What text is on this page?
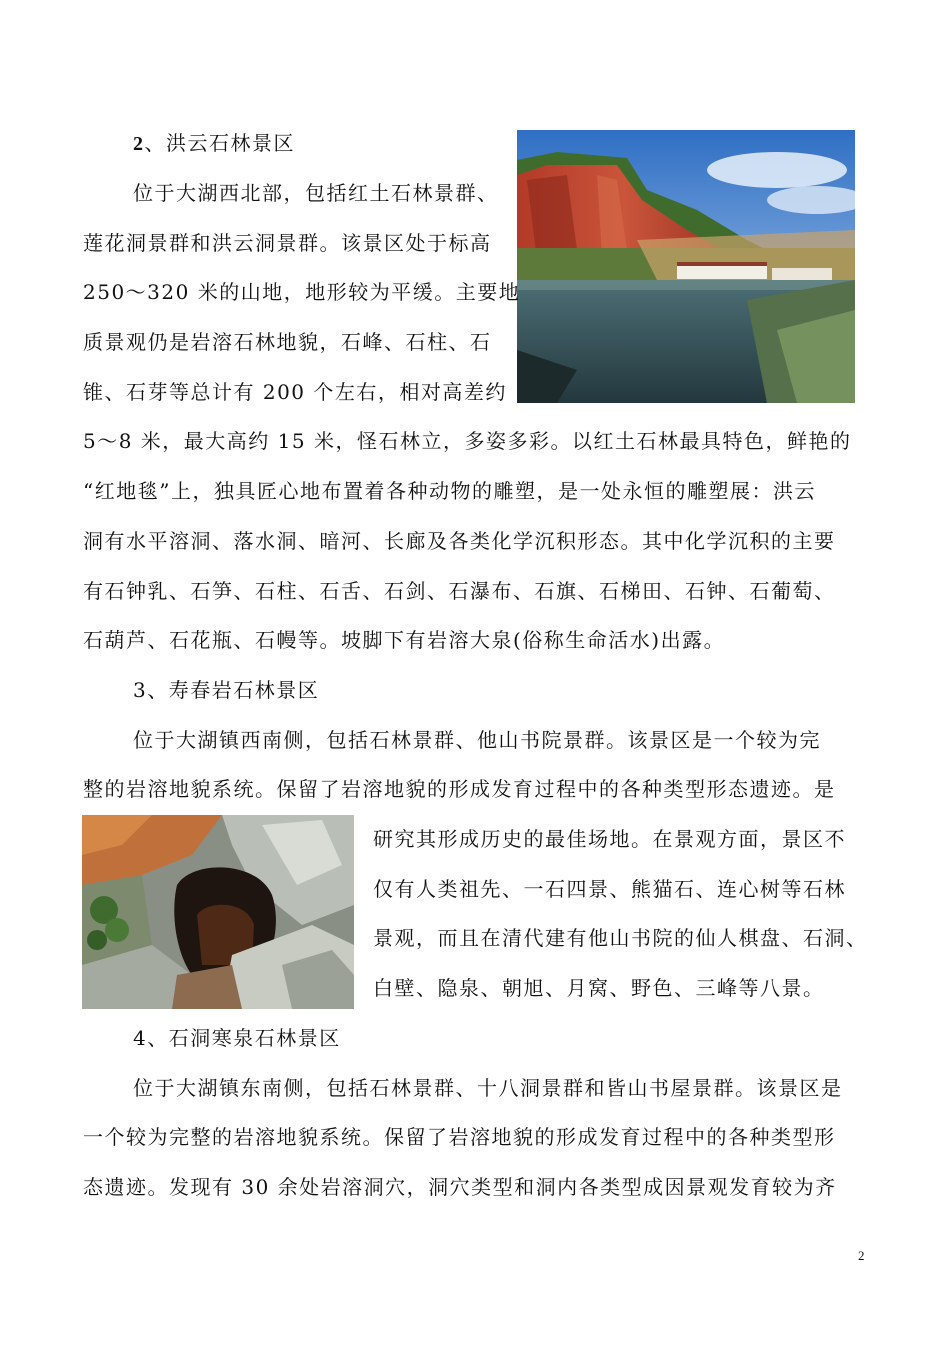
2、洪云石林景区
位于大湖西北部，包括红土石林景群、
莲花洞景群和洪云洞景群。该景区处于标高
250～320 米的山地，地形较为平缓。主要地
质景观仍是岩溶石林地貌，石峰、石柱、石
锥、石芽等总计有 200 个左右，相对高差约
5～8 米，最大高约 15 米，怪石林立，多姿多彩。以红土石林最具特色，鲜艳的
“红地毯”上，独具匠心地布置着各种动物的雕塑，是一处永恒的雕塑展：洪云
洞有水平溶洞、落水洞、暗河、长廊及各类化学沉积形态。其中化学沉积的主要
有石钟乳、石笋、石柱、石舌、石剑、石瀑布、石旗、石梯田、石钟、石葡萄、
石葫芦、石花瓶、石幔等。坡脚下有岩溶大泉(俗称生命活水)出露。
3、寿春岩石林景区
位于大湖镇西南侧，包括石林景群、他山书院景群。该景区是一个较为完
整的岩溶地貌系统。保留了岩溶地貌的形成发育过程中的各种类型形态遗迹。是
研究其形成历史的最佳场地。在景观方面，景区不
仅有人类祖先、一石四景、熊猫石、连心树等石林
景观，而且在清代建有他山书院的仙人棋盘、石洞、
白壁、隐泉、朝旭、月窝、野色、三峰等八景。
4、石洞寒泉石林景区
位于大湖镇东南侧，包括石林景群、十八洞景群和皆山书屋景群。该景区是
一个较为完整的岩溶地貌系统。保留了岩溶地貌的形成发育过程中的各种类型形
态遗迹。发现有 30 余处岩溶洞穴，洞穴类型和洞内各类型成因景观发育较为齐
2
